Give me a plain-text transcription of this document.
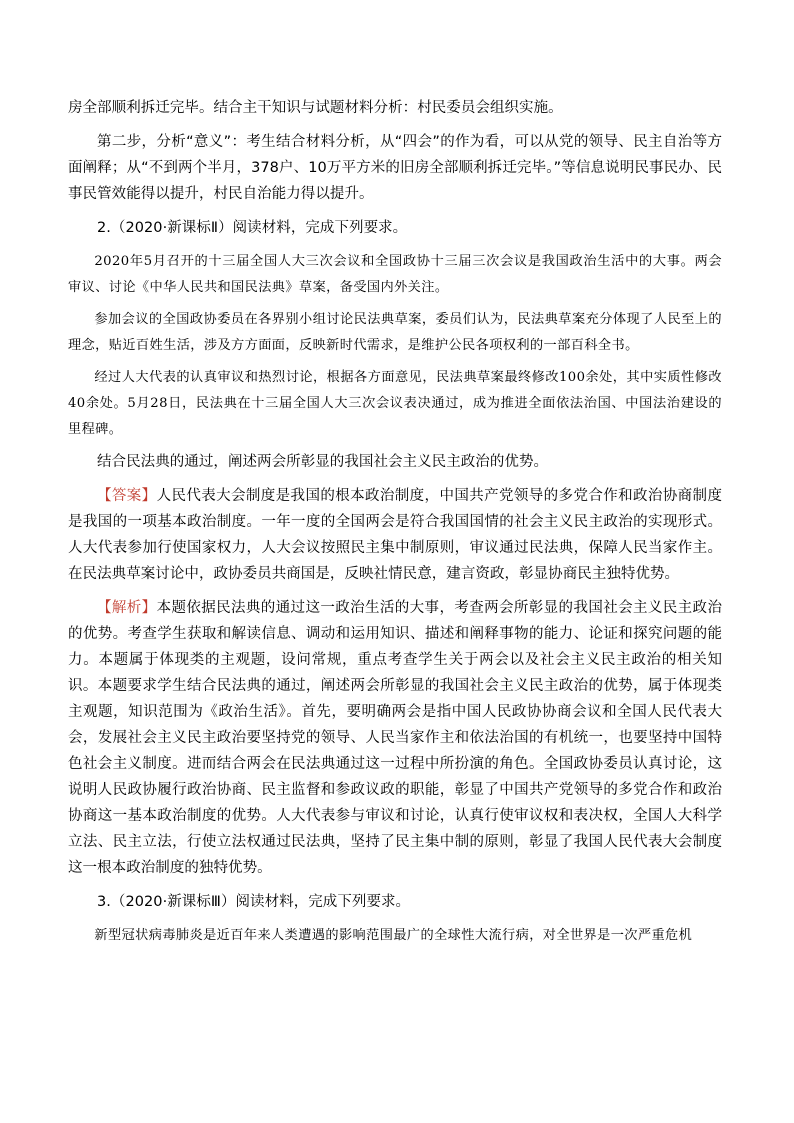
房全部顺利拆迁完毕。结合主干知识与试题材料分析：村民委员会组织实施。

第二步，分析“意义”：考生结合材料分析，从“四会”的作为看，可以从党的领导、民主自治等方面阐释；从“不到两个半月，378户、10万平方米的旧房全部顺利拆迁完毕。”等信息说明民事民办、民事民管效能得以提升，村民自治能力得以提升。

2.（2020·新课标Ⅱ）阅读材料，完成下列要求。

2020年5月召开的十三届全国人大三次会议和全国政协十三届三次会议是我国政治生活中的大事。两会审议、讨论《中华人民共和国民法典》草案，备受国内外关注。

参加会议的全国政协委员在各界别小组讨论民法典草案，委员们认为，民法典草案充分体现了人民至上的理念，贴近百姓生活，涉及方方面面，反映新时代需求，是维护公民各项权利的一部百科全书。

经过人大代表的认真审议和热烈讨论，根据各方面意见，民法典草案最终修改100余处，其中实质性修改40余处。5月28日，民法典在十三届全国人大三次会议表决通过，成为推进全面依法治国、中国法治建设的里程碑。

结合民法典的通过，阐述两会所彰显的我国社会主义民主政治的优势。

【答案】人民代表大会制度是我国的根本政治制度，中国共产党领导的多党合作和政治协商制度是我国的一项基本政治制度。一年一度的全国两会是符合我国国情的社会主义民主政治的实现形式。人大代表参加行使国家权力，人大会议按照民主集中制原则，审议通过民法典，保障人民当家作主。在民法典草案讨论中，政协委员共商国是，反映社情民意，建言资政，彰显协商民主独特优势。

【解析】本题依据民法典的通过这一政治生活的大事，考查两会所彰显的我国社会主义民主政治的优势。考查学生获取和解读信息、调动和运用知识、描述和阐释事物的能力、论证和探究问题的能力。本题属于体现类的主观题，设问常规，重点考查学生关于两会以及社会主义民主政治的相关知识。本题要求学生结合民法典的通过，阐述两会所彰显的我国社会主义民主政治的优势，属于体现类主观题，知识范围为《政治生活》。首先，要明确两会是指中国人民政协协商会议和全国人民代表大会，发展社会主义民主政治要坚持党的领导、人民当家作主和依法治国的有机统一，也要坚持中国特色社会主义制度。进而结合两会在民法典通过这一过程中所扮演的角色。全国政协委员认真讨论，这说明人民政协履行政治协商、民主监督和参政议政的职能，彰显了中国共产党领导的多党合作和政治协商这一基本政治制度的优势。人大代表参与审议和讨论，认真行使审议权和表决权，全国人大科学立法、民主立法，行使立法权通过民法典，坚持了民主集中制的原则，彰显了我国人民代表大会制度这一根本政治制度的独特优势。

3.（2020·新课标Ⅲ）阅读材料，完成下列要求。

新型冠状病毒肺炎是近百年来人类遭遇的影响范围最广的全球性大流行病，对全世界是一次严重危机
